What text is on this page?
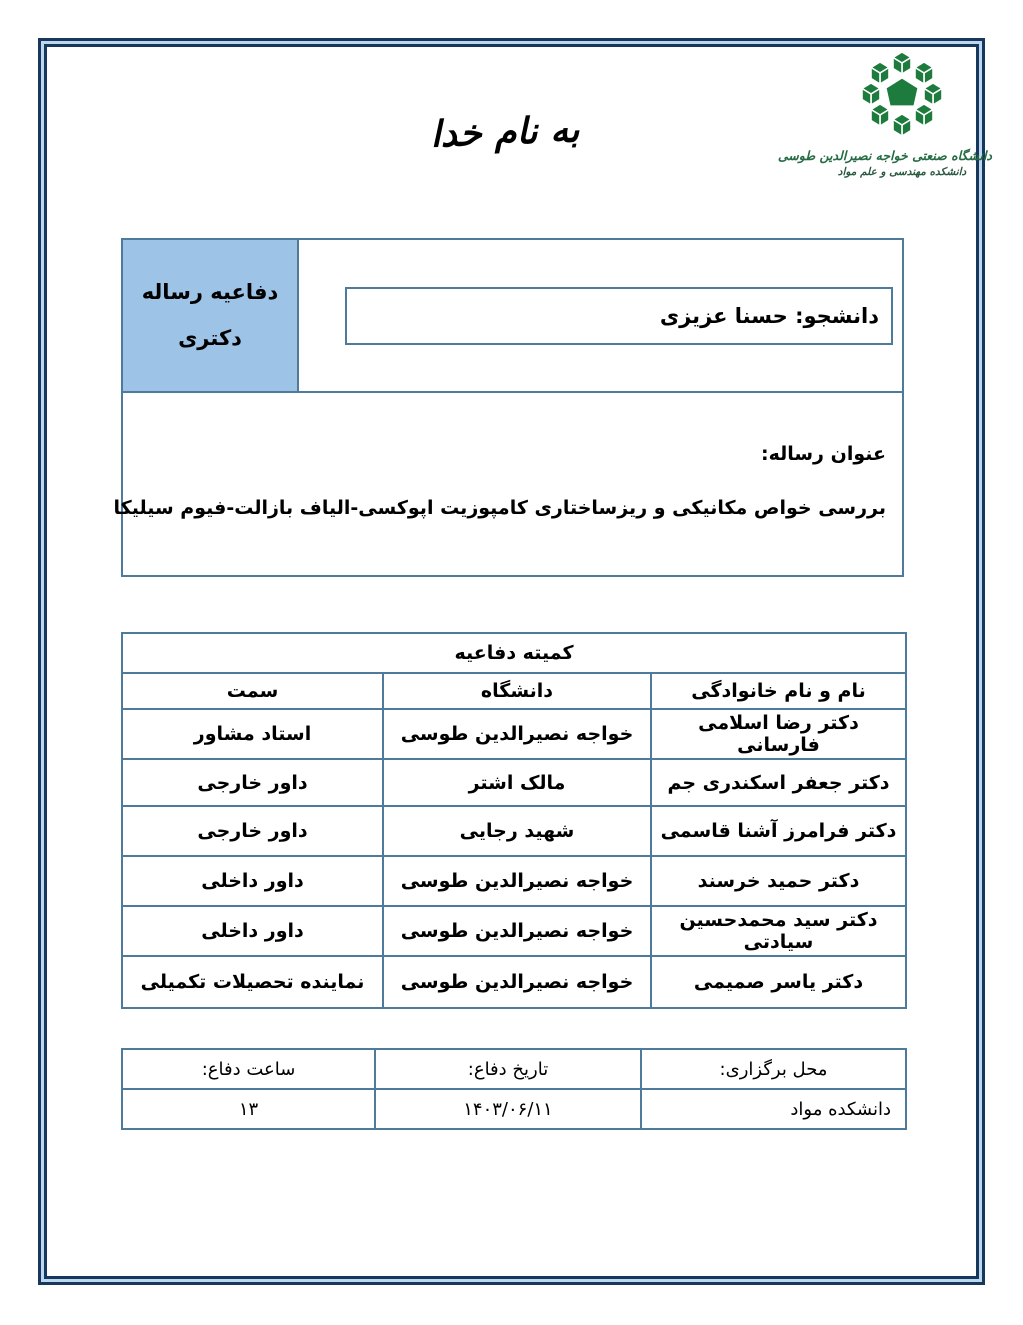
دانشگاه صنعتی خواجه نصیرالدین طوسی
دانشکده مهندسی و علم مواد
به نام خدا
دفاعیه رساله دکتری
دانشجو: حسنا عزیزی
عنوان رساله:
بررسی خواص مکانیکی و ریزساختاری کامپوزیت اپوکسی-الیاف بازالت-فیوم سیلیکا
کمیته دفاعیه		
نام و نام خانوادگی	دانشگاه	سمت
دکتر رضا اسلامی فارسانی	خواجه نصیرالدین طوسی	استاد مشاور
دکتر جعفر اسکندری جم	مالک اشتر	داور خارجی
دکتر فرامرز آشنا قاسمی	شهید رجایی	داور خارجی
دکتر حمید خرسند	خواجه نصیرالدین طوسی	داور داخلی
دکتر سید محمدحسین سیادتی	خواجه نصیرالدین طوسی	داور داخلی
دکتر یاسر صمیمی	خواجه نصیرالدین طوسی	نماینده تحصیلات تکمیلی
محل برگزاری:	تاریخ دفاع:	ساعت دفاع:
دانشکده مواد	۱۴۰۳/۰۶/۱۱	۱۳
